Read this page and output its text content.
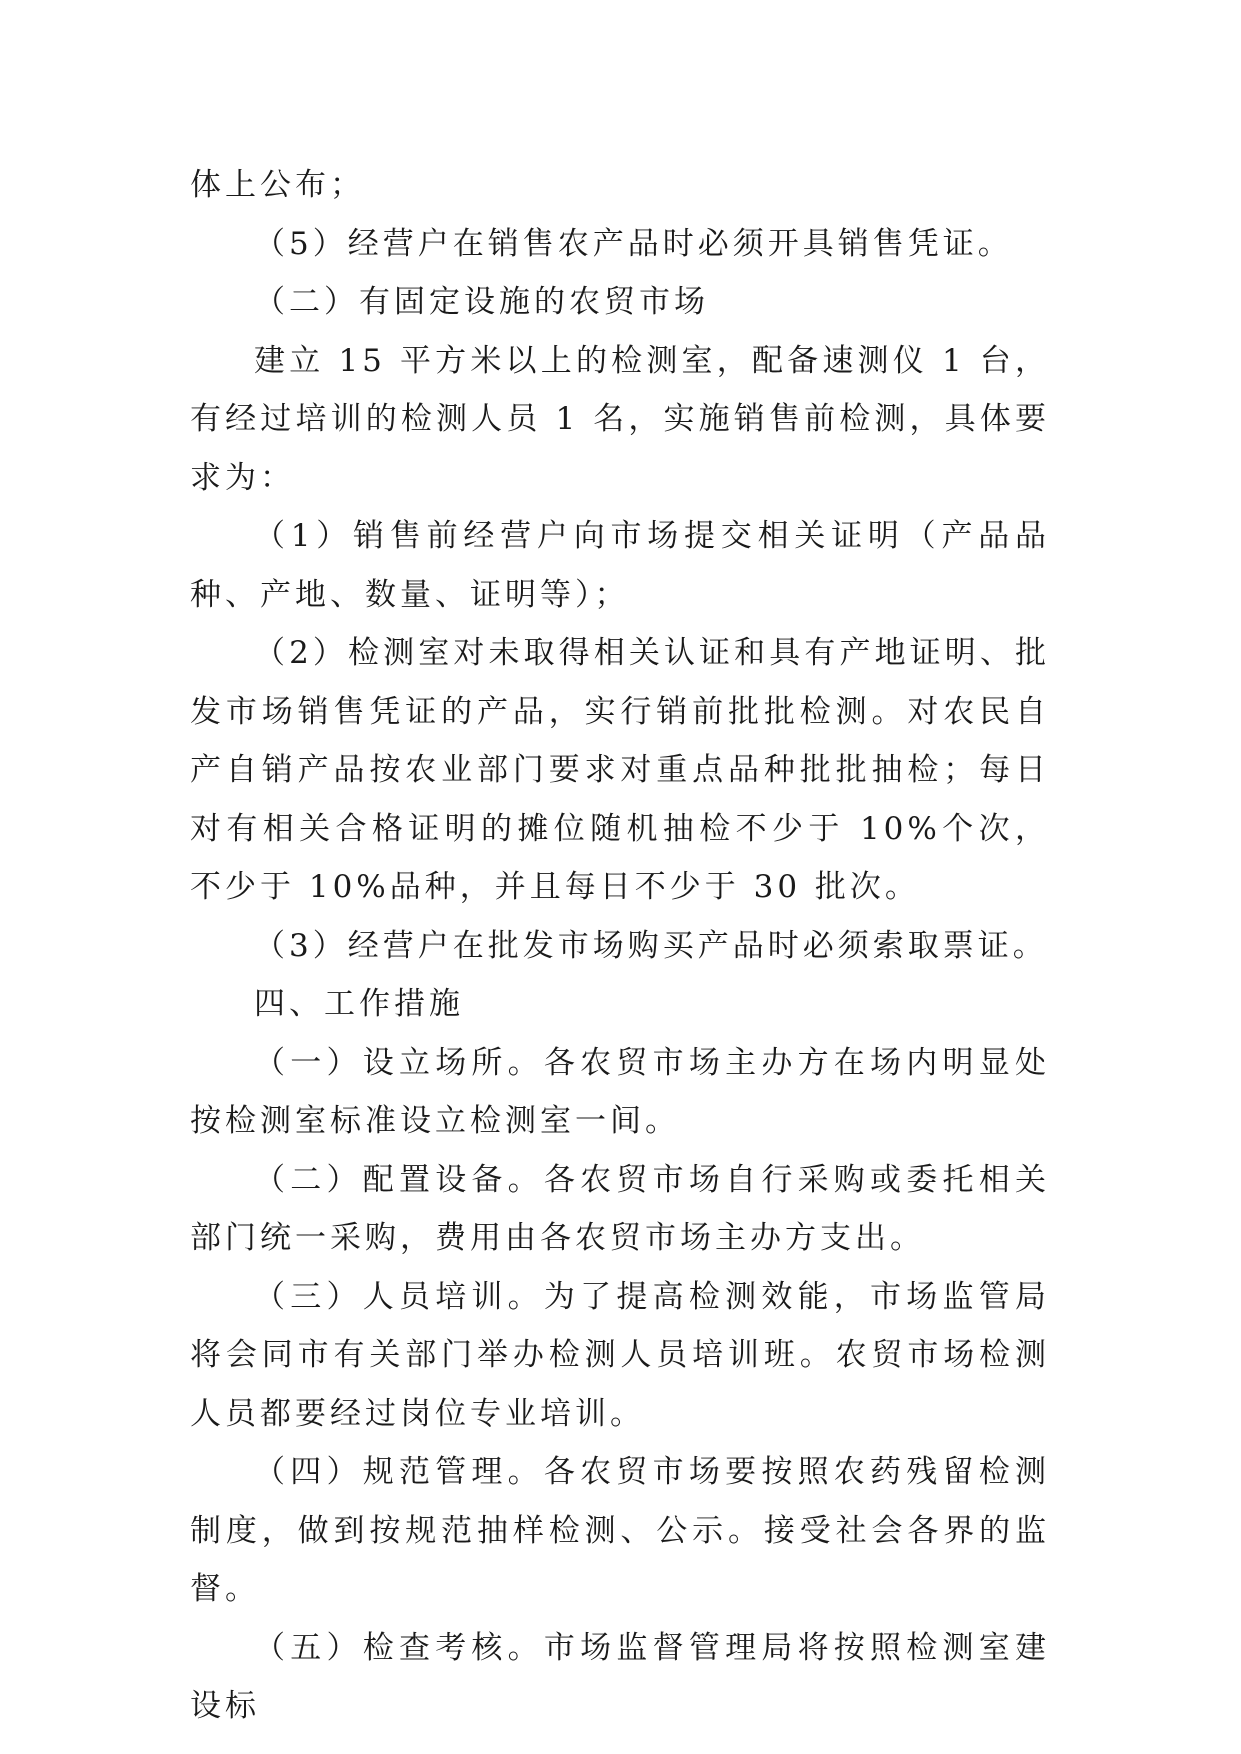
体上公布；

（5）经营户在销售农产品时必须开具销售凭证。

（二）有固定设施的农贸市场

建立 15 平方米以上的检测室，配备速测仪 1 台，有经过培训的检测人员 1 名，实施销售前检测，具体要求为：

（1）销售前经营户向市场提交相关证明（产品品种、产地、数量、证明等）；

（2）检测室对未取得相关认证和具有产地证明、批发市场销售凭证的产品，实行销前批批检测。对农民自产自销产品按农业部门要求对重点品种批批抽检；每日对有相关合格证明的摊位随机抽检不少于 10%个次，不少于 10%品种，并且每日不少于 30 批次。

（3）经营户在批发市场购买产品时必须索取票证。

四、工作措施

（一）设立场所。各农贸市场主办方在场内明显处按检测室标准设立检测室一间。

（二）配置设备。各农贸市场自行采购或委托相关部门统一采购，费用由各农贸市场主办方支出。

（三）人员培训。为了提高检测效能，市场监管局将会同市有关部门举办检测人员培训班。农贸市场检测人员都要经过岗位专业培训。

（四）规范管理。各农贸市场要按照农药残留检测制度，做到按规范抽样检测、公示。接受社会各界的监督。

（五）检查考核。市场监督管理局将按照检测室建设标
